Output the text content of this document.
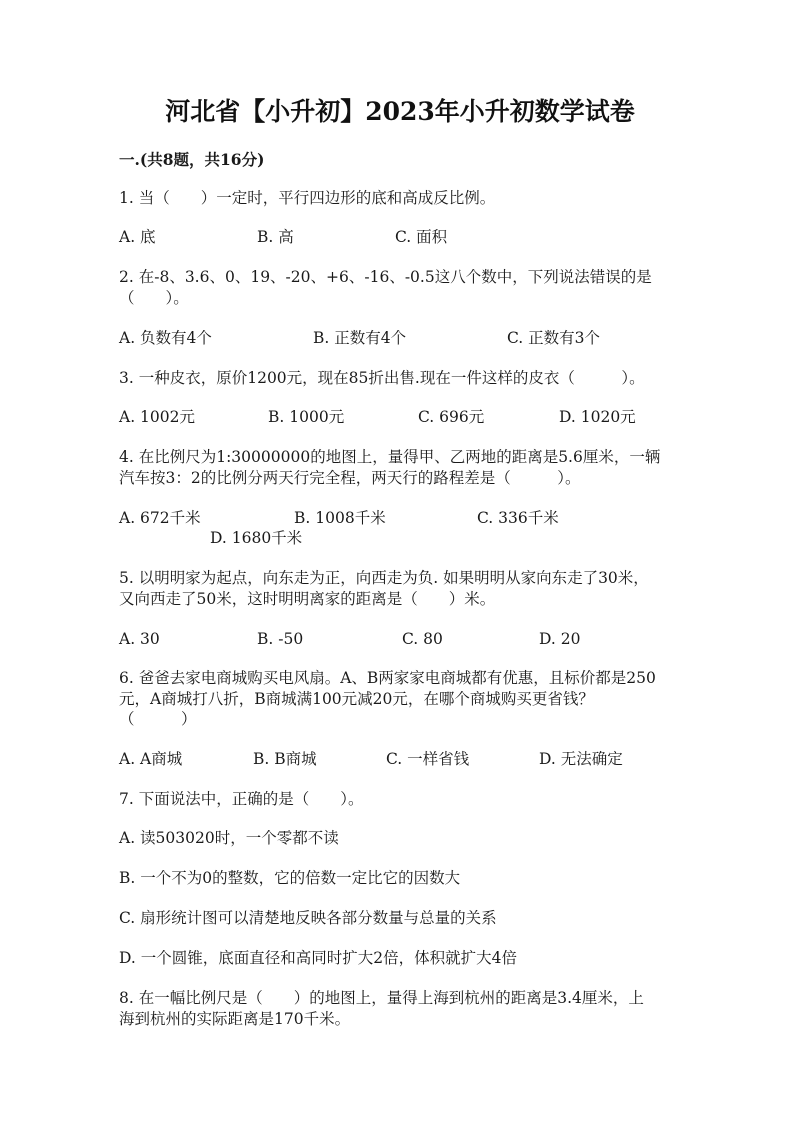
河北省【小升初】2023年小升初数学试卷
一.(共8题，共16分)
1. 当（　　）一定时，平行四边形的底和高成反比例。
A. 底	B. 高	C. 面积
2. 在-8、3.6、0、19、-20、+6、-16、-0.5这八个数中，下列说法错误的是
（　　）。
A. 负数有4个	B. 正数有4个	C. 正数有3个
3. 一种皮衣，原价1200元，现在85折出售.现在一件这样的皮衣（　　　）。
A. 1002元	B. 1000元	C. 696元	D. 1020元
4. 在比例尺为1:30000000的地图上，量得甲、乙两地的距离是5.6厘米，一辆
汽车按3：2的比例分两天行完全程，两天行的路程差是（　　　）。
A. 672千米	B. 1008千米	C. 336千米
D. 1680千米
5. 以明明家为起点，向东走为正，向西走为负. 如果明明从家向东走了30米，
又向西走了50米，这时明明离家的距离是（　　）米。
A. 30	B. -50	C. 80	D. 20
6. 爸爸去家电商城购买电风扇。A、B两家家电商城都有优惠，且标价都是250
元，A商城打八折，B商城满100元减20元，在哪个商城购买更省钱？
（　　　）
A. A商城	B. B商城	C. 一样省钱	D. 无法确定
7. 下面说法中，正确的是（　　）。
A. 读503020时，一个零都不读
B. 一个不为0的整数，它的倍数一定比它的因数大
C. 扇形统计图可以清楚地反映各部分数量与总量的关系
D. 一个圆锥，底面直径和高同时扩大2倍，体积就扩大4倍
8. 在一幅比例尺是（　　）的地图上，量得上海到杭州的距离是3.4厘米，上
海到杭州的实际距离是170千米。
